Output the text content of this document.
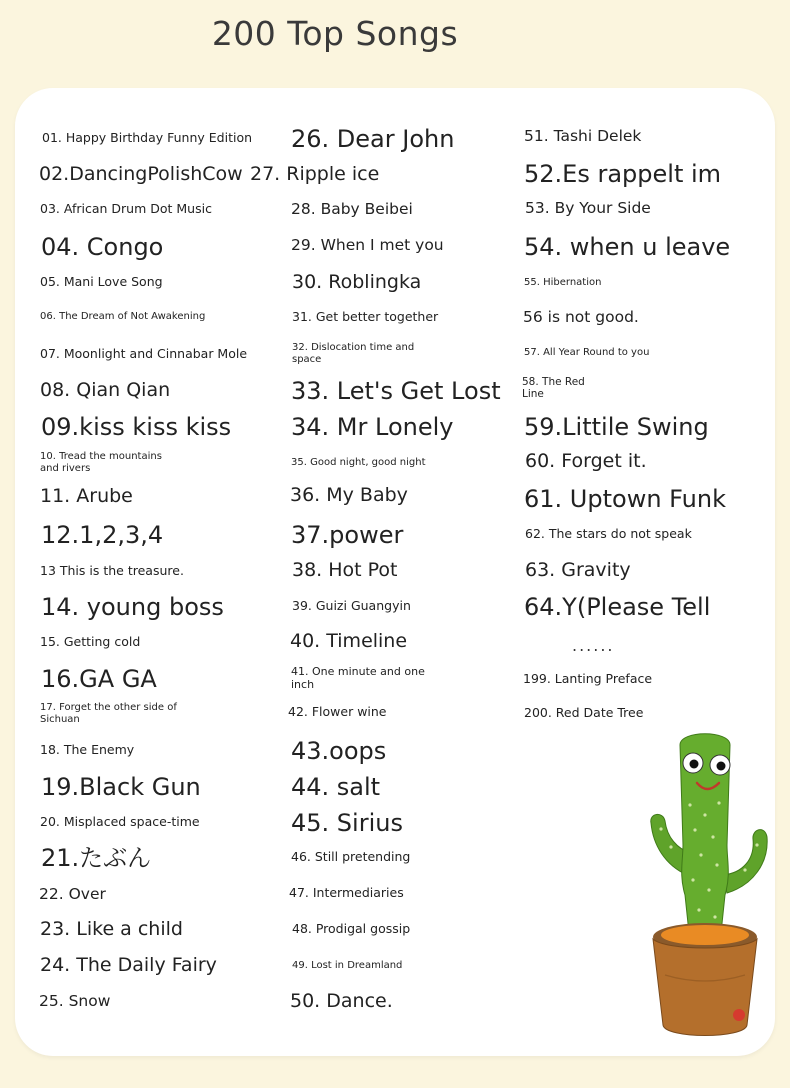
200 Top Songs
01. Happy Birthday Funny Edition
02.DancingPolishCow
03. African Drum Dot Music
04. Congo
05. Mani Love Song
06. The Dream of Not Awakening
07. Moonlight and Cinnabar Mole
08. Qian Qian
09.kiss kiss kiss
10. Tread the mountains and rivers
11. Arube
12.1,2,3,4
13 This is the treasure.
14. young boss
15. Getting cold
16.GA GA
17. Forget the other side of Sichuan
18. The Enemy
19.Black Gun
20. Misplaced space-time
21.たぶん
22. Over
23. Like a child
24. The Daily Fairy
25. Snow
26. Dear John
27. Ripple ice
28. Baby Beibei
29. When I met you
30. Roblingka
31. Get better together
32. Dislocation time and space
33. Let's Get Lost
34. Mr Lonely
35. Good night, good night
36. My Baby
37.power
38. Hot Pot
39. Guizi Guangyin
40. Timeline
41. One minute and one inch
42. Flower wine
43.oops
44. salt
45. Sirius
46. Still pretending
47. Intermediaries
48. Prodigal gossip
49. Lost in Dreamland
50. Dance.
51. Tashi Delek
52.Es rappelt im
53. By Your Side
54. when u leave
55. Hibernation
56 is not good.
57. All Year Round to you
58. The Red Line
59.Littile Swing
60. Forget it.
61. Uptown Funk
62. The stars do not speak
63. Gravity
64.Y(Please Tell
......
199. Lanting Preface
200. Red Date Tree
